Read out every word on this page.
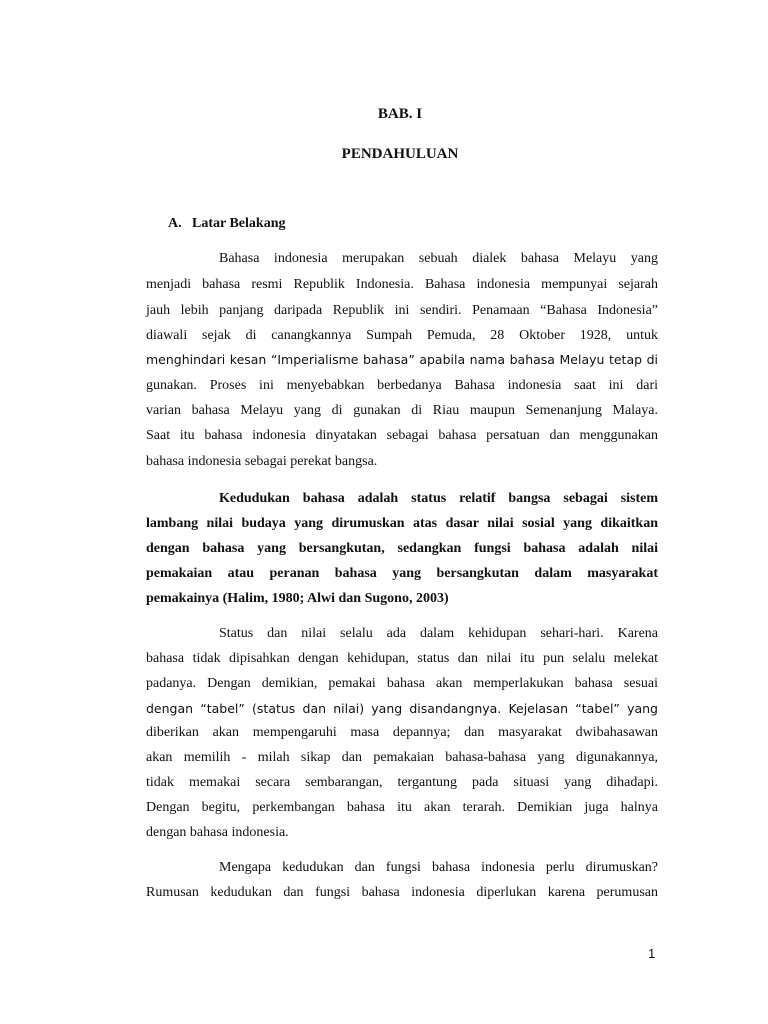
BAB. I
PENDAHULUAN
A. Latar Belakang
Bahasa indonesia merupakan sebuah dialek bahasa Melayu yang
menjadi bahasa resmi Republik Indonesia. Bahasa indonesia mempunyai sejarah
jauh lebih panjang daripada Republik ini sendiri. Penamaan “Bahasa Indonesia”
diawali sejak di canangkannya Sumpah Pemuda, 28 Oktober 1928, untuk
menghindari kesan “Imperialisme bahasa” apabila nama bahasa Melayu tetap di
gunakan. Proses ini menyebabkan berbedanya Bahasa indonesia saat ini dari
varian bahasa Melayu yang di gunakan di Riau maupun Semenanjung Malaya.
Saat itu bahasa indonesia dinyatakan sebagai bahasa persatuan dan menggunakan
bahasa indonesia sebagai perekat bangsa.
Kedudukan bahasa adalah status relatif bangsa sebagai sistem
lambang nilai budaya yang dirumuskan atas dasar nilai sosial yang dikaitkan
dengan bahasa yang bersangkutan, sedangkan fungsi bahasa adalah nilai
pemakaian atau peranan bahasa yang bersangkutan dalam masyarakat
pemakainya (Halim, 1980; Alwi dan Sugono, 2003)
Status dan nilai selalu ada dalam kehidupan sehari-hari. Karena
bahasa tidak dipisahkan dengan kehidupan, status dan nilai itu pun selalu melekat
padanya. Dengan demikian, pemakai bahasa akan memperlakukan bahasa sesuai
dengan “tabel” (status dan nilai) yang disandangnya. Kejelasan “tabel” yang
diberikan akan mempengaruhi masa depannya; dan masyarakat dwibahasawan
akan memilih - milah sikap dan pemakaian bahasa-bahasa yang digunakannya,
tidak memakai secara sembarangan, tergantung pada situasi yang dihadapi.
Dengan begitu, perkembangan bahasa itu akan terarah. Demikian juga halnya
dengan bahasa indonesia.
Mengapa kedudukan dan fungsi bahasa indonesia perlu dirumuskan?
Rumusan kedudukan dan fungsi bahasa indonesia diperlukan karena perumusan
1
